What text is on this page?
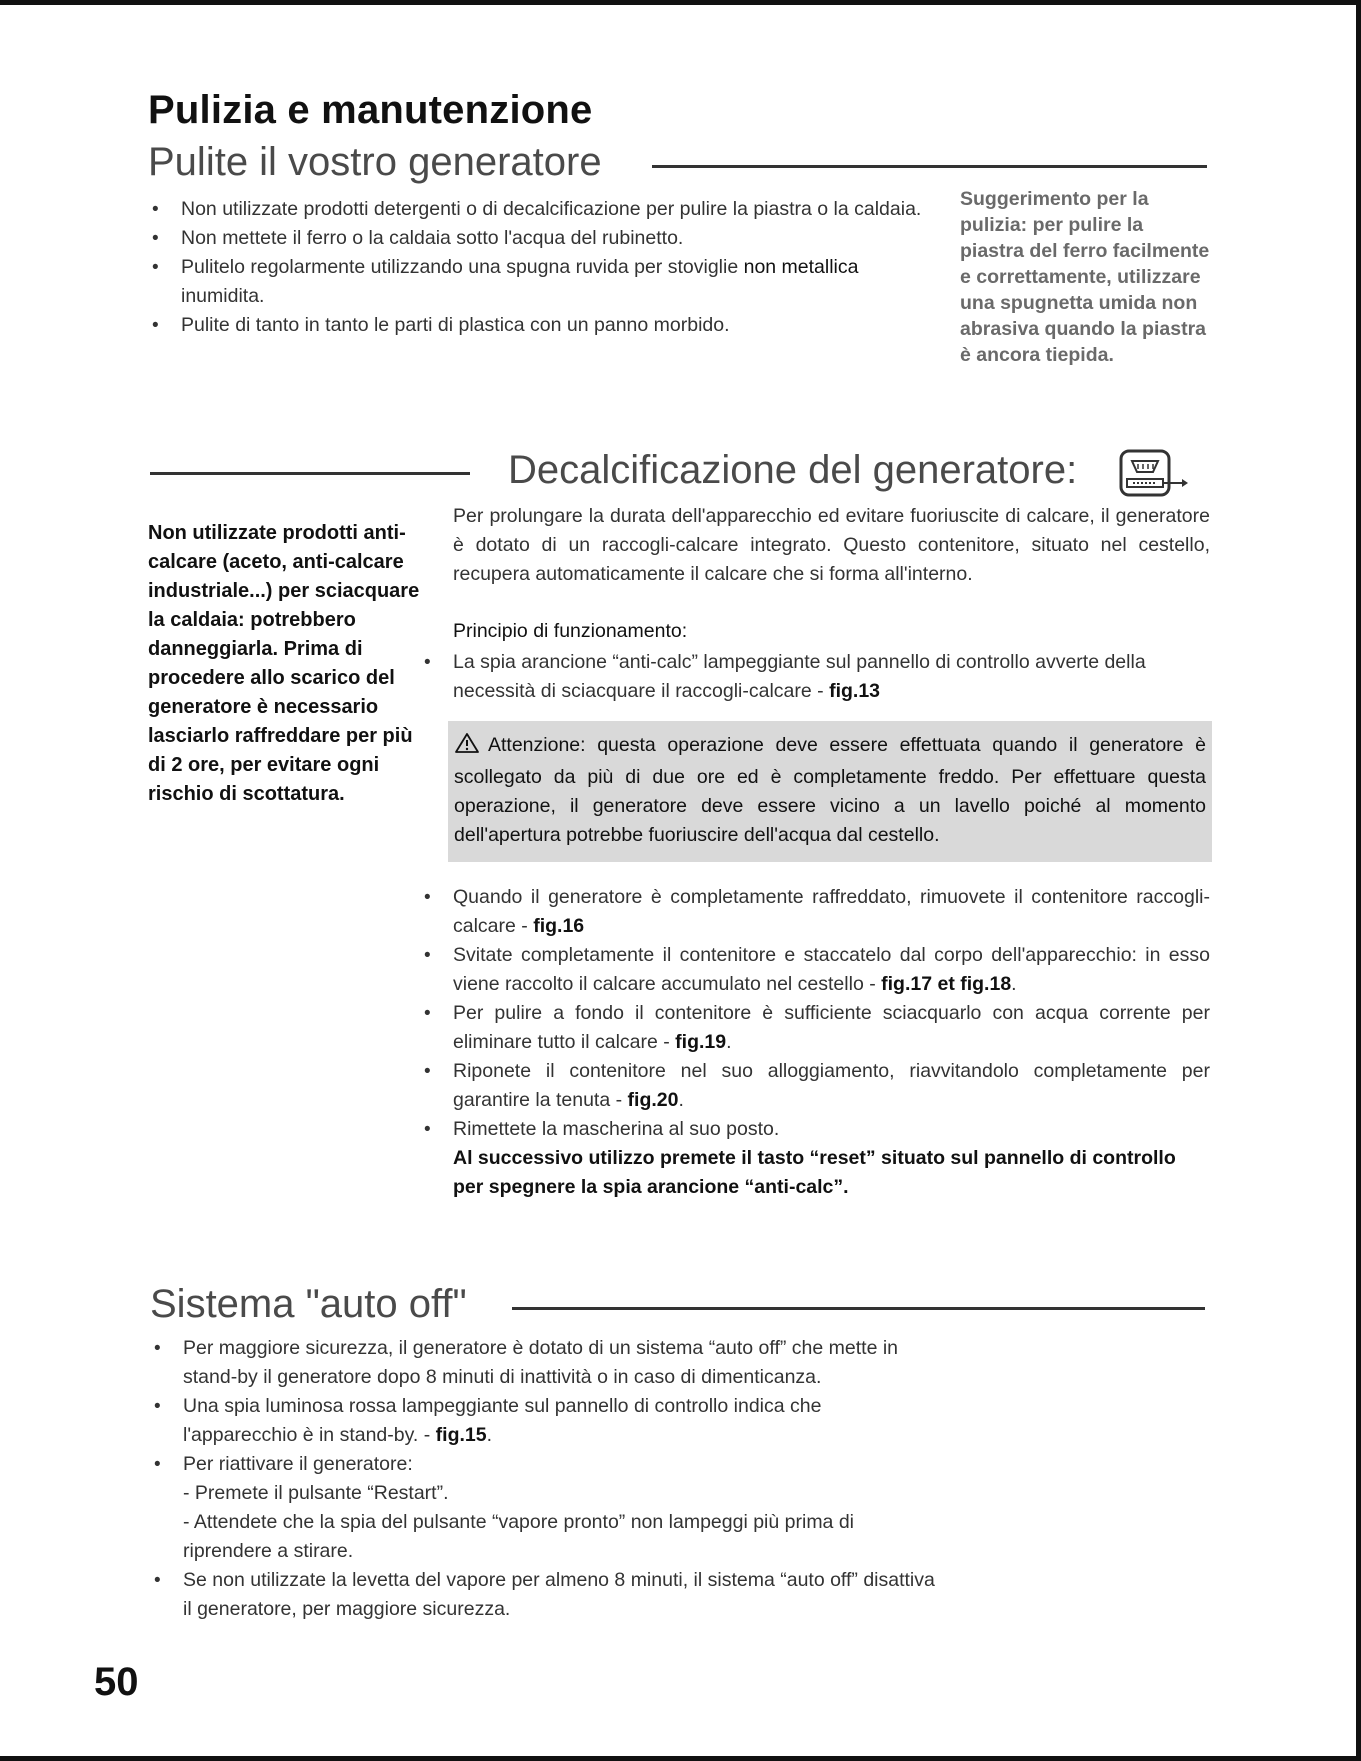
Pulizia e manutenzione
Pulite il vostro generatore
• Non utilizzate prodotti detergenti o di decalcificazione per pulire la piastra o la caldaia.
• Non mettete il ferro o la caldaia sotto l'acqua del rubinetto.
• Pulitelo regolarmente utilizzando una spugna ruvida per stoviglie non metallica inumidita.
• Pulite di tanto in tanto le parti di plastica con un panno morbido.
Suggerimento per la pulizia: per pulire la piastra del ferro facilmente e correttamente, utilizzare una spugnetta umida non abrasiva quando la piastra è ancora tiepida.
Decalcificazione del generatore:
Non utilizzate prodotti anti-calcare (aceto, anti-calcare industriale...) per sciacquare la caldaia: potrebbero danneggiarla. Prima di procedere allo scarico del generatore è necessario lasciarlo raffreddare per più di 2 ore, per evitare ogni rischio di scottatura.
Per prolungare la durata dell'apparecchio ed evitare fuoriuscite di calcare, il generatore è dotato di un raccogli-calcare integrato. Questo contenitore, situato nel cestello, recupera automaticamente il calcare che si forma all'interno.
Principio di funzionamento:
• La spia arancione “anti-calc” lampeggiante sul pannello di controllo avverte della necessità di sciacquare il raccogli-calcare - fig.13
Attenzione: questa operazione deve essere effettuata quando il generatore è scollegato da più di due ore ed è completamente freddo. Per effettuare questa operazione, il generatore deve essere vicino a un lavello poiché al momento dell'apertura potrebbe fuoriuscire dell'acqua dal cestello.
• Quando il generatore è completamente raffreddato, rimuovete il contenitore raccogli-calcare - fig.16
• Svitate completamente il contenitore e staccatelo dal corpo dell'apparecchio: in esso viene raccolto il calcare accumulato nel cestello - fig.17 et fig.18.
• Per pulire a fondo il contenitore è sufficiente sciacquarlo con acqua corrente per eliminare tutto il calcare - fig.19.
• Riponete il contenitore nel suo alloggiamento, riavvitandolo completamente per garantire la tenuta - fig.20.
• Rimettete la mascherina al suo posto.
Al successivo utilizzo premete il tasto “reset” situato sul pannello di controllo per spegnere la spia arancione “anti-calc”.
Sistema "auto off"
• Per maggiore sicurezza, il generatore è dotato di un sistema “auto off” che mette in stand-by il generatore dopo 8 minuti di inattività o in caso di dimenticanza.
• Una spia luminosa rossa lampeggiante sul pannello di controllo indica che l'apparecchio è in stand-by. - fig.15.
• Per riattivare il generatore:
- Premete il pulsante “Restart”.
- Attendete che la spia del pulsante “vapore pronto” non lampeggi più prima di riprendere a stirare.
• Se non utilizzate la levetta del vapore per almeno 8 minuti, il sistema “auto off” disattiva il generatore, per maggiore sicurezza.
50
